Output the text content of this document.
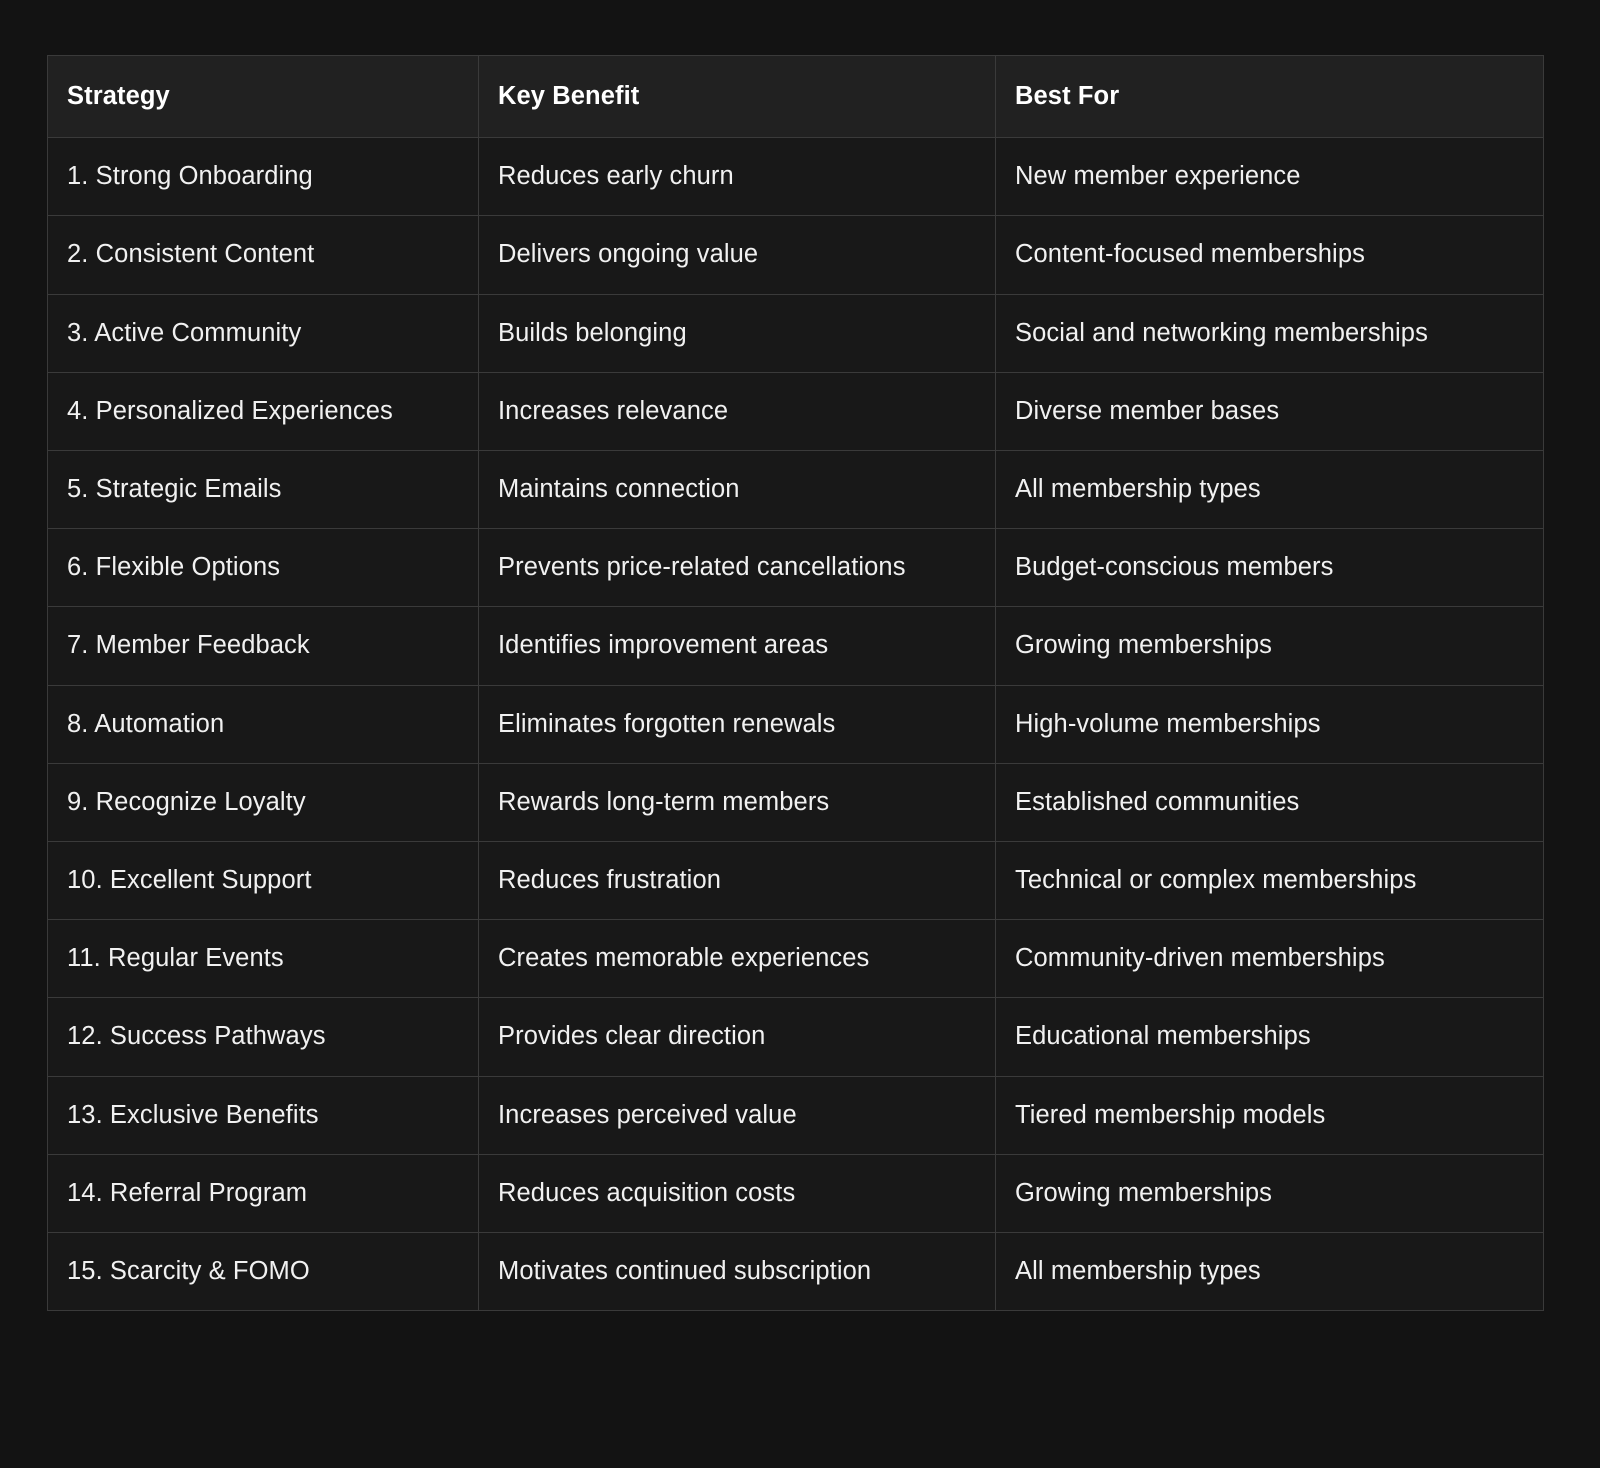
Strategy	Key Benefit	Best For
1. Strong Onboarding	Reduces early churn	New member experience
2. Consistent Content	Delivers ongoing value	Content-focused memberships
3. Active Community	Builds belonging	Social and networking memberships
4. Personalized Experiences	Increases relevance	Diverse member bases
5. Strategic Emails	Maintains connection	All membership types
6. Flexible Options	Prevents price-related cancellations	Budget-conscious members
7. Member Feedback	Identifies improvement areas	Growing memberships
8. Automation	Eliminates forgotten renewals	High-volume memberships
9. Recognize Loyalty	Rewards long-term members	Established communities
10. Excellent Support	Reduces frustration	Technical or complex memberships
11. Regular Events	Creates memorable experiences	Community-driven memberships
12. Success Pathways	Provides clear direction	Educational memberships
13. Exclusive Benefits	Increases perceived value	Tiered membership models
14. Referral Program	Reduces acquisition costs	Growing memberships
15. Scarcity & FOMO	Motivates continued subscription	All membership types
